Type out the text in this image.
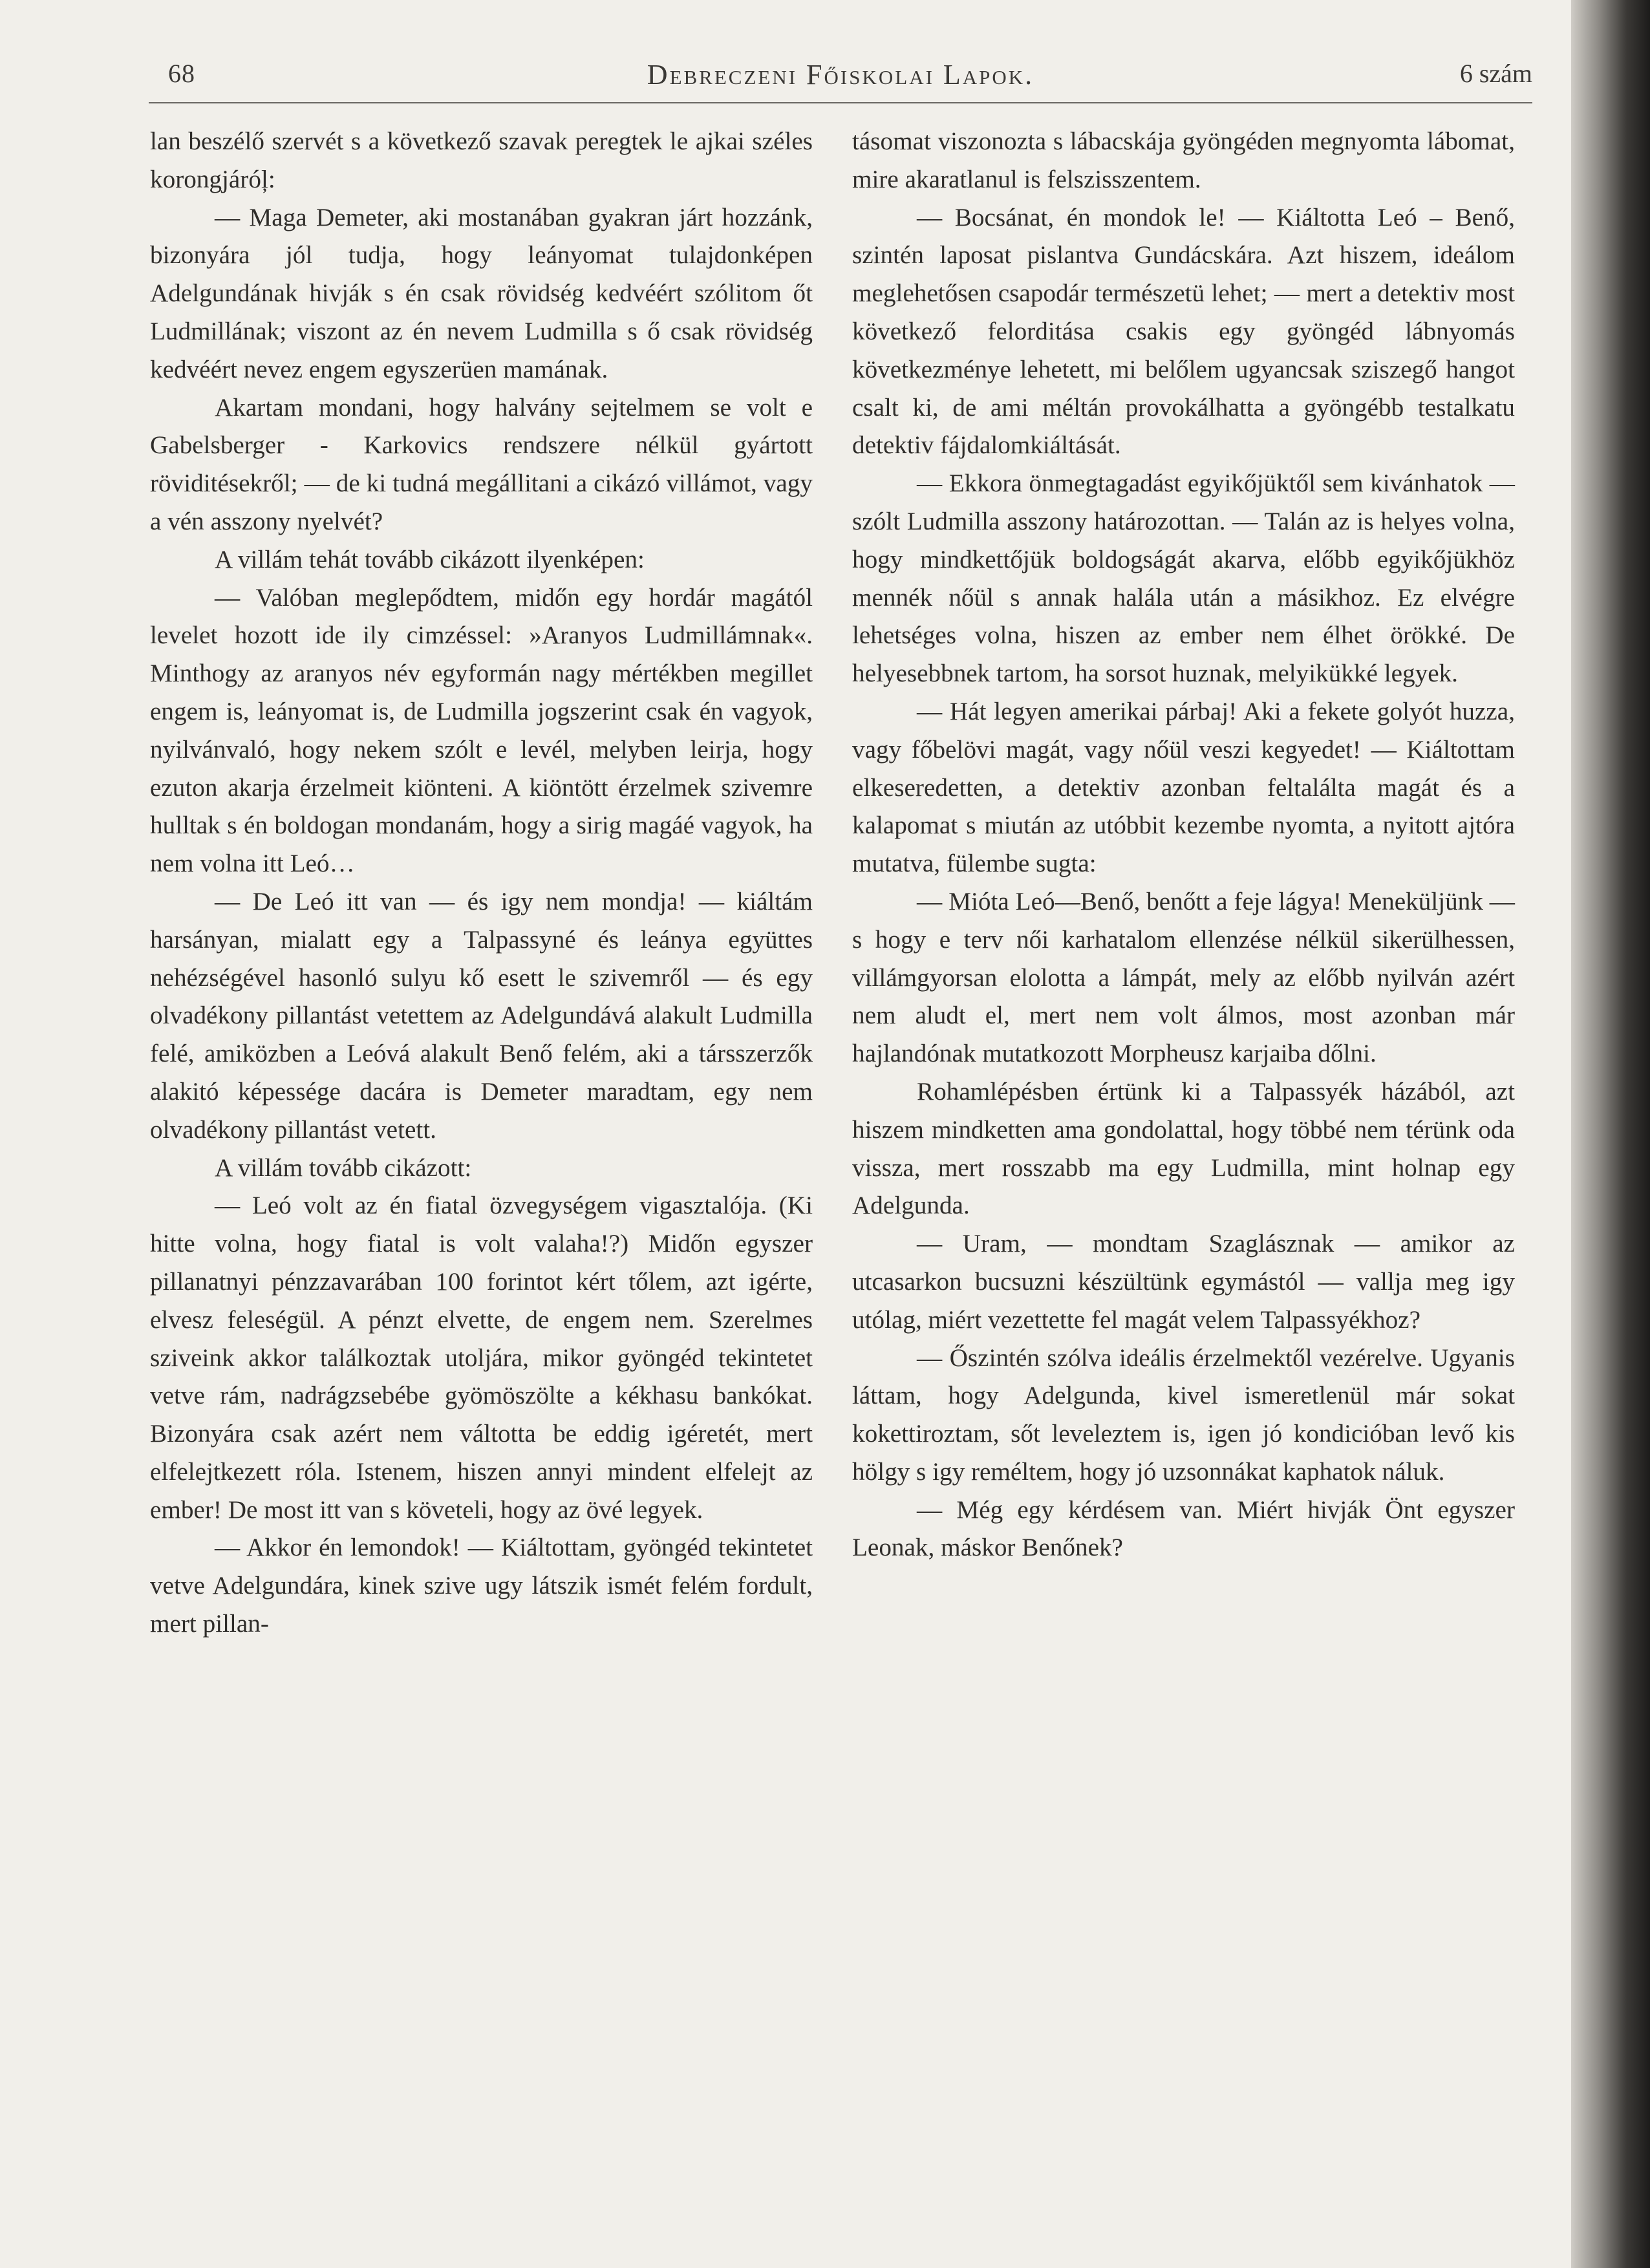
68	Debreczeni Főiskolai Lapok.	6 szám

lan beszélő szervét s a következő szavak peregtek le ajkai széles korongjáróļ:

— Maga Demeter, aki mostanában gyakran járt hozzánk, bizonyára jól tudja, hogy leányomat tulajdonképen Adelgundának hivják s én csak rövidség kedvéért szólitom őt Ludmillának; viszont az én nevem Ludmilla s ő csak rövidség kedvéért nevez engem egyszerüen mamának.

Akartam mondani, hogy halvány sejtelmem se volt e Gabelsberger - Karkovics rendszere nélkül gyártott röviditésekről; — de ki tudná megállitani a cikázó villámot, vagy a vén asszony nyelvét?

A villám tehát tovább cikázott ilyenképen:

— Valóban meglepődtem, midőn egy hordár magától levelet hozott ide ily cimzéssel: »Aranyos Ludmillámnak«. Minthogy az aranyos név egyformán nagy mértékben megillet engem is, leányomat is, de Ludmilla jogszerint csak én vagyok, nyilvánvaló, hogy nekem szólt e levél, melyben leirja, hogy ezuton akarja érzelmeit kiönteni. A kiöntött érzelmek szivemre hulltak s én boldogan mondanám, hogy a sirig magáé vagyok, ha nem volna itt Leó…

— De Leó itt van — és igy nem mondja! — kiáltám harsányan, mialatt egy a Talpassyné és leánya együttes nehézségével hasonló sulyu kő esett le szivemről — és egy olvadékony pillantást vetettem az Adelgundává alakult Ludmilla felé, amiközben a Leóvá alakult Benő felém, aki a társszerzők alakitó képessége dacára is Demeter maradtam, egy nem olvadékony pillantást vetett.

A villám tovább cikázott:

— Leó volt az én fiatal özvegységem vigasztalója. (Ki hitte volna, hogy fiatal is volt valaha!?) Midőn egyszer pillanatnyi pénzzavarában 100 forintot kért tőlem, azt igérte, elvesz feleségül. A pénzt elvette, de engem nem. Szerelmes sziveink akkor találkoztak utoljára, mikor gyöngéd tekintetet vetve rám, nadrágzsebébe gyömöszölte a kékhasu bankókat. Bizonyára csak azért nem váltotta be eddig igéretét, mert elfelejtkezett róla. Istenem, hiszen annyi mindent elfelejt az ember! De most itt van s követeli, hogy az övé legyek.

— Akkor én lemondok! — Kiáltottam, gyöngéd tekintetet vetve Adelgundára, kinek szive ugy látszik ismét felém fordult, mert pillan-

tásomat viszonozta s lábacskája gyöngéden megnyomta lábomat, mire akaratlanul is felszisszentem.

— Bocsánat, én mondok le! — Kiáltotta Leó – Benő, szintén laposat pislantva Gundácskára. Azt hiszem, ideálom meglehetősen csapodár természetü lehet; — mert a detektiv most következő felorditása csakis egy gyöngéd lábnyomás következménye lehetett, mi belőlem ugyancsak sziszegő hangot csalt ki, de ami méltán provokálhatta a gyöngébb testalkatu detektiv fájdalomkiáltását.

— Ekkora önmegtagadást egyikőjüktől sem kivánhatok — szólt Ludmilla asszony határozottan. — Talán az is helyes volna, hogy mindkettőjük boldogságát akarva, előbb egyikőjükhöz mennék nőül s annak halála után a másikhoz. Ez elvégre lehetséges volna, hiszen az ember nem élhet örökké. De helyesebbnek tartom, ha sorsot huznak, melyikükké legyek.

— Hát legyen amerikai párbaj! Aki a fekete golyót huzza, vagy főbelövi magát, vagy nőül veszi kegyedet! — Kiáltottam elkeseredetten, a detektiv azonban feltalálta magát és a kalapomat s miután az utóbbit kezembe nyomta, a nyitott ajtóra mutatva, fülembe sugta:

— Mióta Leó—Benő, benőtt a feje lágya! Meneküljünk — s hogy e terv női karhatalom ellenzése nélkül sikerülhessen, villámgyorsan elolotta a lámpát, mely az előbb nyilván azért nem aludt el, mert nem volt álmos, most azonban már hajlandónak mutatkozott Morpheusz karjaiba dőlni.

Rohamlépésben értünk ki a Talpassyék házából, azt hiszem mindketten ama gondolattal, hogy többé nem térünk oda vissza, mert rosszabb ma egy Ludmilla, mint holnap egy Adelgunda.

— Uram, — mondtam Szaglásznak — amikor az utcasarkon bucsuzni készültünk egymástól — vallja meg igy utólag, miért vezettette fel magát velem Talpassyékhoz?

— Őszintén szólva ideális érzelmektől vezérelve. Ugyanis láttam, hogy Adelgunda, kivel ismeretlenül már sokat kokettiroztam, sőt leveleztem is, igen jó kondicióban levő kis hölgy s igy reméltem, hogy jó uzsonnákat kaphatok náluk.

— Még egy kérdésem van. Miért hivják Önt egyszer Leonak, máskor Benőnek?
